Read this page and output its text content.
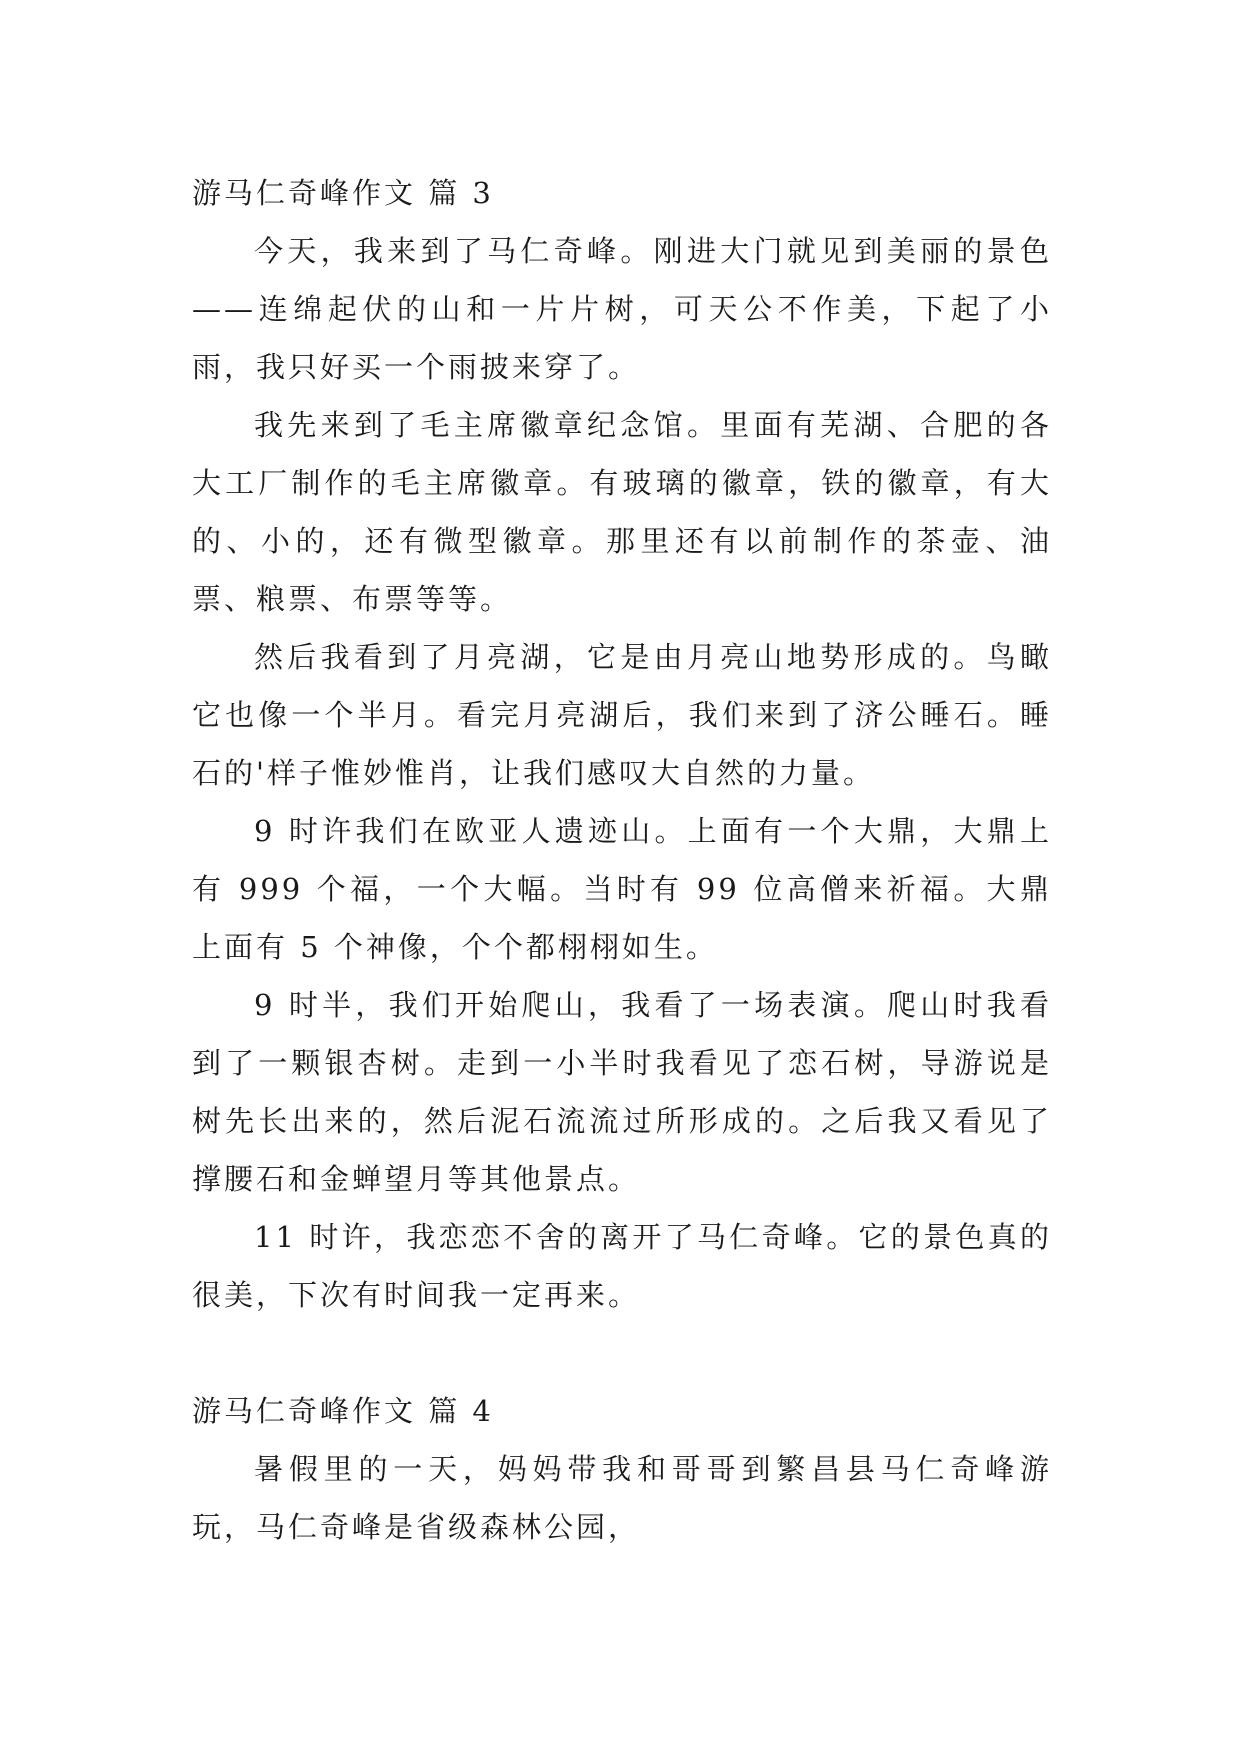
游马仁奇峰作文 篇 3

今天，我来到了马仁奇峰。刚进大门就见到美丽的景色——连绵起伏的山和一片片树，可天公不作美，下起了小雨，我只好买一个雨披来穿了。

我先来到了毛主席徽章纪念馆。里面有芜湖、合肥的各大工厂制作的毛主席徽章。有玻璃的徽章，铁的徽章，有大的、小的，还有微型徽章。那里还有以前制作的茶壶、油票、粮票、布票等等。

然后我看到了月亮湖，它是由月亮山地势形成的。鸟瞰它也像一个半月。看完月亮湖后，我们来到了济公睡石。睡石的'样子惟妙惟肖，让我们感叹大自然的力量。

9 时许我们在欧亚人遗迹山。上面有一个大鼎，大鼎上有 999 个福，一个大幅。当时有 99 位高僧来祈福。大鼎上面有 5 个神像，个个都栩栩如生。

9 时半，我们开始爬山，我看了一场表演。爬山时我看到了一颗银杏树。走到一小半时我看见了恋石树，导游说是树先长出来的，然后泥石流流过所形成的。之后我又看见了撑腰石和金蝉望月等其他景点。

11 时许，我恋恋不舍的离开了马仁奇峰。它的景色真的很美，下次有时间我一定再来。

游马仁奇峰作文 篇 4

暑假里的一天，妈妈带我和哥哥到繁昌县马仁奇峰游玩，马仁奇峰是省级森林公园，
